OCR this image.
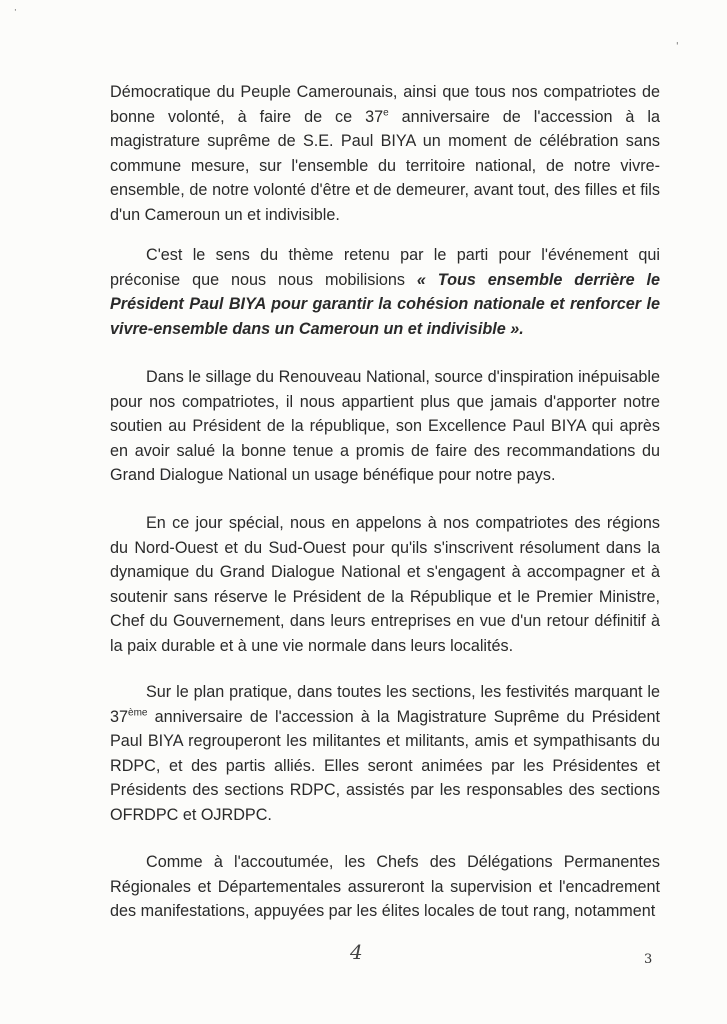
·
'

Démocratique du Peuple Camerounais, ainsi que tous nos compatriotes de bonne volonté, à faire de ce 37e anniversaire de l'accession à la magistrature suprême de S.E. Paul BIYA un moment de célébration sans commune mesure, sur l'ensemble du territoire national, de notre vivre-ensemble, de notre volonté d'être et de demeurer, avant tout, des filles et fils d'un Cameroun un et indivisible.

C'est le sens du thème retenu par le parti pour l'événement qui préconise que nous nous mobilisions « Tous ensemble derrière le Président Paul BIYA pour garantir la cohésion nationale et renforcer le vivre-ensemble dans un Cameroun un et indivisible ».

Dans le sillage du Renouveau National, source d'inspiration inépuisable pour nos compatriotes, il nous appartient plus que jamais d'apporter notre soutien au Président de la république, son Excellence Paul BIYA qui après en avoir salué la bonne tenue a promis de faire des recommandations du Grand Dialogue National un usage bénéfique pour notre pays.

En ce jour spécial, nous en appelons à nos compatriotes des régions du Nord-Ouest et du Sud-Ouest pour qu'ils s'inscrivent résolument dans la dynamique du Grand Dialogue National et s'engagent à accompagner et à soutenir sans réserve le Président de la République et le Premier Ministre, Chef du Gouvernement, dans leurs entreprises en vue d'un retour définitif à la paix durable et à une vie normale dans leurs localités.

Sur le plan pratique, dans toutes les sections, les festivités marquant le 37ème anniversaire de l'accession à la Magistrature Suprême du Président Paul BIYA regrouperont les militantes et militants, amis et sympathisants du RDPC, et des partis alliés. Elles seront animées par les Présidentes et Présidents des sections RDPC, assistés par les responsables des sections OFRDPC et OJRDPC.

Comme à l'accoutumée, les Chefs des Délégations Permanentes Régionales et Départementales assureront la supervision et l'encadrement des manifestations, appuyées par les élites locales de tout rang, notamment

4	3
